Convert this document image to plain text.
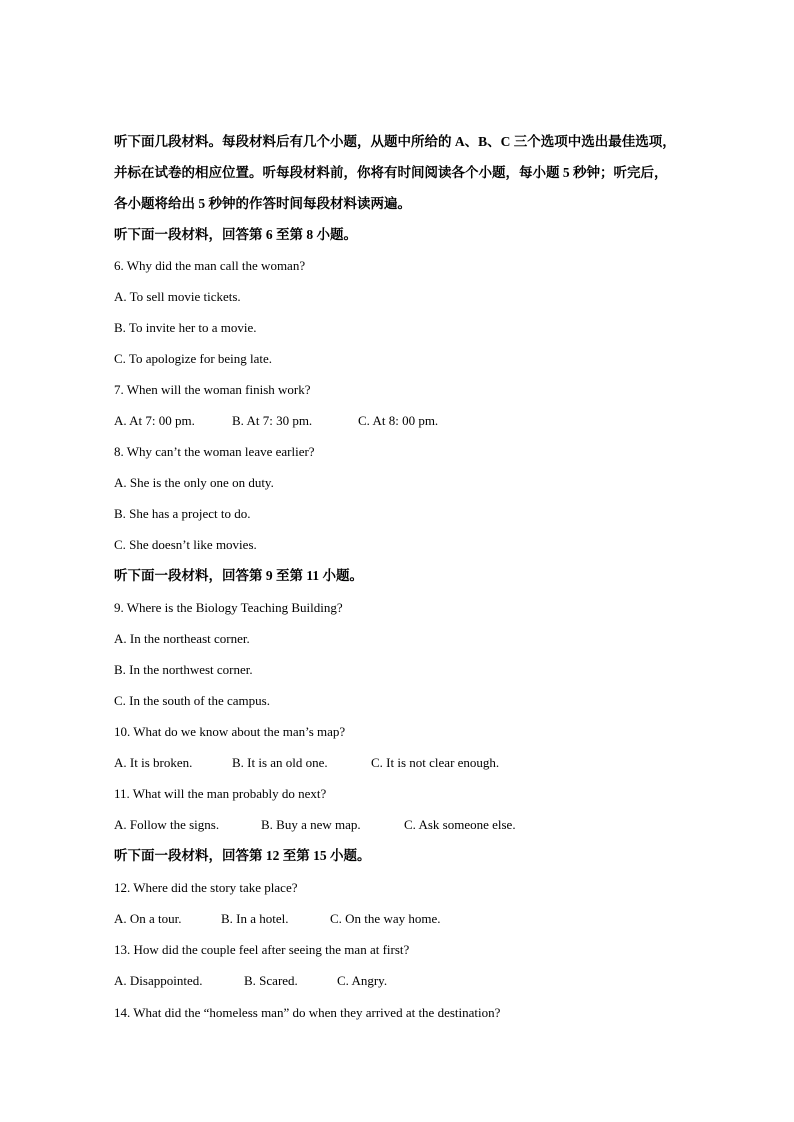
听下面几段材料。每段材料后有几个小题，从题中所给的 A、B、C 三个选项中选出最佳选项，
并标在试卷的相应位置。听每段材料前，你将有时间阅读各个小题，每小题 5 秒钟；听完后，
各小题将给出 5 秒钟的作答时间每段材料读两遍。
听下面一段材料，回答第 6 至第 8 小题。
6. Why did the man call the woman?
A. To sell movie tickets.
B. To invite her to a movie.
C. To apologize for being late.
7. When will the woman finish work?
A. At 7: 00 pm.	B. At 7: 30 pm.	C. At 8: 00 pm.
8. Why can’t the woman leave earlier?
A. She is the only one on duty.
B. She has a project to do.
C. She doesn’t like movies.
听下面一段材料，回答第 9 至第 11 小题。
9. Where is the Biology Teaching Building?
A. In the northeast corner.
B. In the northwest corner.
C. In the south of the campus.
10. What do we know about the man’s map?
A. It is broken.	B. It is an old one.	C. It is not clear enough.
11. What will the man probably do next?
A. Follow the signs.	B. Buy a new map.	C. Ask someone else.
听下面一段材料，回答第 12 至第 15 小题。
12. Where did the story take place?
A. On a tour.	B. In a hotel.	C. On the way home.
13. How did the couple feel after seeing the man at first?
A. Disappointed.	B. Scared.	C. Angry.
14. What did the “homeless man” do when they arrived at the destination?
